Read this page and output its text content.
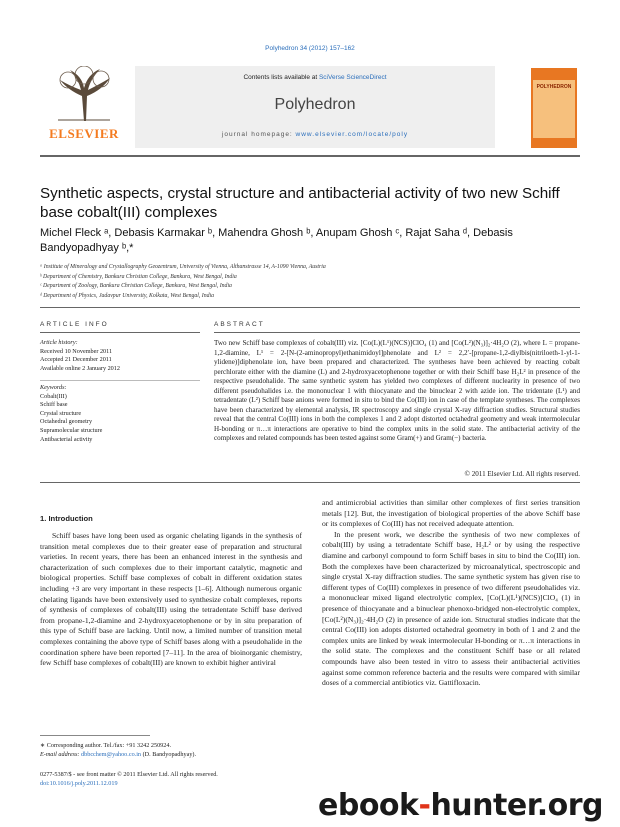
Polyhedron 34 (2012) 157–162
ELSEVIER
Contents lists available at SciVerse ScienceDirect
Polyhedron
journal homepage: www.elsevier.com/locate/poly
POLYHEDRON
Synthetic aspects, crystal structure and antibacterial activity of two new Schiff base cobalt(III) complexes
Michel Fleck ᵃ, Debasis Karmakar ᵇ, Mahendra Ghosh ᵇ, Anupam Ghosh ᶜ, Rajat Saha ᵈ, Debasis Bandyopadhyay ᵇ,*
ᵃ Institute of Mineralogy and Crystallography Geozentrum, University of Vienna, Althanstrasse 14, A-1090 Vienna, Austria
ᵇ Department of Chemistry, Bankura Christian College, Bankura, West Bengal, India
ᶜ Department of Zoology, Bankura Christian College, Bankura, West Bengal, India
ᵈ Department of Physics, Jadavpur University, Kolkata, West Bengal, India
ARTICLE INFO	ABSTRACT
Article history:
Received 10 November 2011
Accepted 21 December 2011
Available online 2 January 2012
Keywords:
Cobalt(III)
Schiff base
Crystal structure
Octahedral geometry
Supramolecular structure
Antibacterial activity
Two new Schiff base complexes of cobalt(III) viz. [Co(L)(L¹)(NCS)]ClO₄ (1) and [Co(L²)(N₃)]₂·4H₂O (2), where L = propane-1,2-diamine, L¹ = 2-[N-(2-aminopropyl)ethanimidoyl]phenolate and L² = 2,2′-[propane-1,2-diylbis(nitriloeth-1-yl-1-ylidene)]diphenolate ion, have been prepared and characterized. The syntheses have been achieved by reacting cobalt perchlorate either with the diamine (L) and 2-hydroxyacetophenone together or with their Schiff base H₂L² in presence of the respective pseudohalide. The same synthetic system has yielded two complexes of different nuclearity in presence of two different pseudohalides i.e. the mononuclear 1 with thiocyanate and the binuclear 2 with azide ion. The tridentate (L¹) and tetradentate (L²) Schiff base anions were formed in situ to bind the Co(III) ion in case of the template syntheses. The complexes have been characterized by elemental analysis, IR spectroscopy and single crystal X-ray diffraction studies. Structural studies reveal that the central Co(III) ions in both the complexes 1 and 2 adopt distorted octahedral geometry and weak intermolecular H-bonding or π…π interactions are operative to bind the complex units in the solid state. The antibacterial activity of the complexes and related compounds has been tested against some Gram(+) and Gram(−) bacteria.
© 2011 Elsevier Ltd. All rights reserved.
1. Introduction

Schiff bases have long been used as organic chelating ligands in the synthesis of transition metal complexes due to their greater ease of preparation and structural varieties. In recent years, there has been an enhanced interest in the synthesis and characterization of such complexes due to their important catalytic, magnetic and biological properties. Schiff base complexes of cobalt in different oxidation states including +3 are very important in these respects [1–6]. Although numerous organic chelating ligands have been extensively used to synthesize cobalt complexes, reports of synthesis of complexes of cobalt(III) using the tetradentate Schiff base derived from propane-1,2-diamine and 2-hydroxyacetophenone or by in situ preparation of this type of Schiff base are lacking. Until now, a limited number of transition metal complexes containing the above type of Schiff bases along with a pseudohalide in the coordination sphere have been reported [7–11]. In the area of bioinorganic chemistry, few Schiff base complexes of cobalt(III) are known to exhibit higher antiviral

and antimicrobial activities than similar other complexes of first series transition metals [12]. But, the investigation of biological properties of the above Schiff base or its complexes of Co(III) has not received adequate attention.

In the present work, we describe the synthesis of two new complexes of cobalt(III) by using a tetradentate Schiff base, H₂L² or by using the respective diamine and carbonyl compound to form Schiff bases in situ to bind the Co(III) ion. Both the complexes have been characterized by microanalytical, spectroscopic and single crystal X-ray diffraction studies. The same synthetic system has given rise to different types of Co(III) complexes in presence of two different pseudohalides viz. a mononuclear mixed ligand electrolytic complex, [Co(L)(L¹)(NCS)]ClO₄ (1) in presence of thiocyanate and a binuclear phenoxo-bridged non-electrolytic complex, [Co(L²)(N₃)]₂·4H₂O (2) in presence of azide ion. Structural studies indicate that the central Co(III) ion adopts distorted octahedral geometry in both of 1 and 2 and the complex units are linked by weak intermolecular H-bonding or π…π interactions in the solid state. The complexes and the constituent Schiff base or all related compounds have also been tested in vitro to assess their antibacterial activities against some common reference bacteria and the results were compared with similar doses of a commercial antibiotics viz. Gattifloxacin.

∗ Corresponding author. Tel./fax: +91 3242 250924.
E-mail address: dbbcchem@yahoo.co.in (D. Bandyopadhyay).
0277-5387/$ - see front matter © 2011 Elsevier Ltd. All rights reserved.
doi:10.1016/j.poly.2011.12.019
ebook-hunter.org
